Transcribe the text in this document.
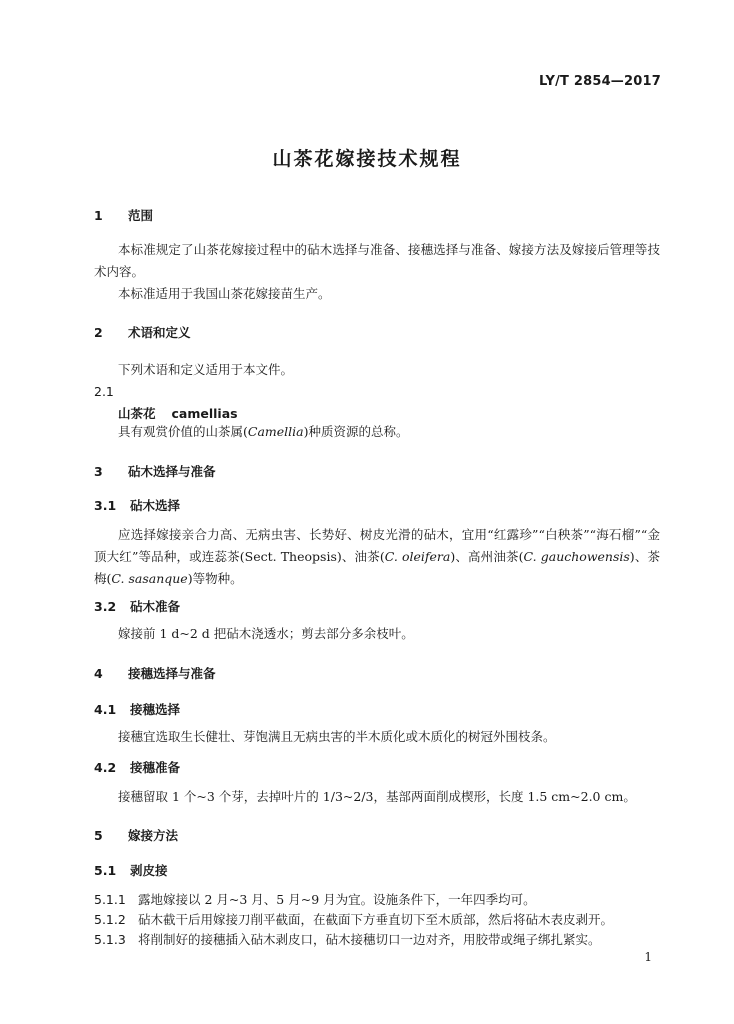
LY/T 2854—2017
山茶花嫁接技术规程
1 范围
本标准规定了山茶花嫁接过程中的砧木选择与准备、接穗选择与准备、嫁接方法及嫁接后管理等技术内容。
本标准适用于我国山茶花嫁接苗生产。
2 术语和定义
下列术语和定义适用于本文件。
2.1
山茶花 camellias
具有观赏价值的山茶属(Camellia)种质资源的总称。
3 砧木选择与准备
3.1 砧木选择
应选择嫁接亲合力高、无病虫害、长势好、树皮光滑的砧木，宜用“红露珍”“白秧茶”“海石榴”“金顶大红”等品种，或连蕊茶(Sect. Theopsis)、油茶(C. oleifera)、高州油茶(C. gauchowensis)、茶梅(C. sasanque)等物种。
3.2 砧木准备
嫁接前 1 d~2 d 把砧木浇透水；剪去部分多余枝叶。
4 接穗选择与准备
4.1 接穗选择
接穗宜选取生长健壮、芽饱满且无病虫害的半木质化或木质化的树冠外围枝条。
4.2 接穗准备
接穗留取 1 个~3 个芽，去掉叶片的 1/3~2/3，基部两面削成楔形，长度 1.5 cm~2.0 cm。
5 嫁接方法
5.1 剥皮接
5.1.1 露地嫁接以 2 月~3 月、5 月~9 月为宜。设施条件下，一年四季均可。
5.1.2 砧木截干后用嫁接刀削平截面，在截面下方垂直切下至木质部，然后将砧木表皮剥开。
5.1.3 将削制好的接穗插入砧木剥皮口，砧木接穗切口一边对齐，用胶带或绳子绑扎紧实。
1
